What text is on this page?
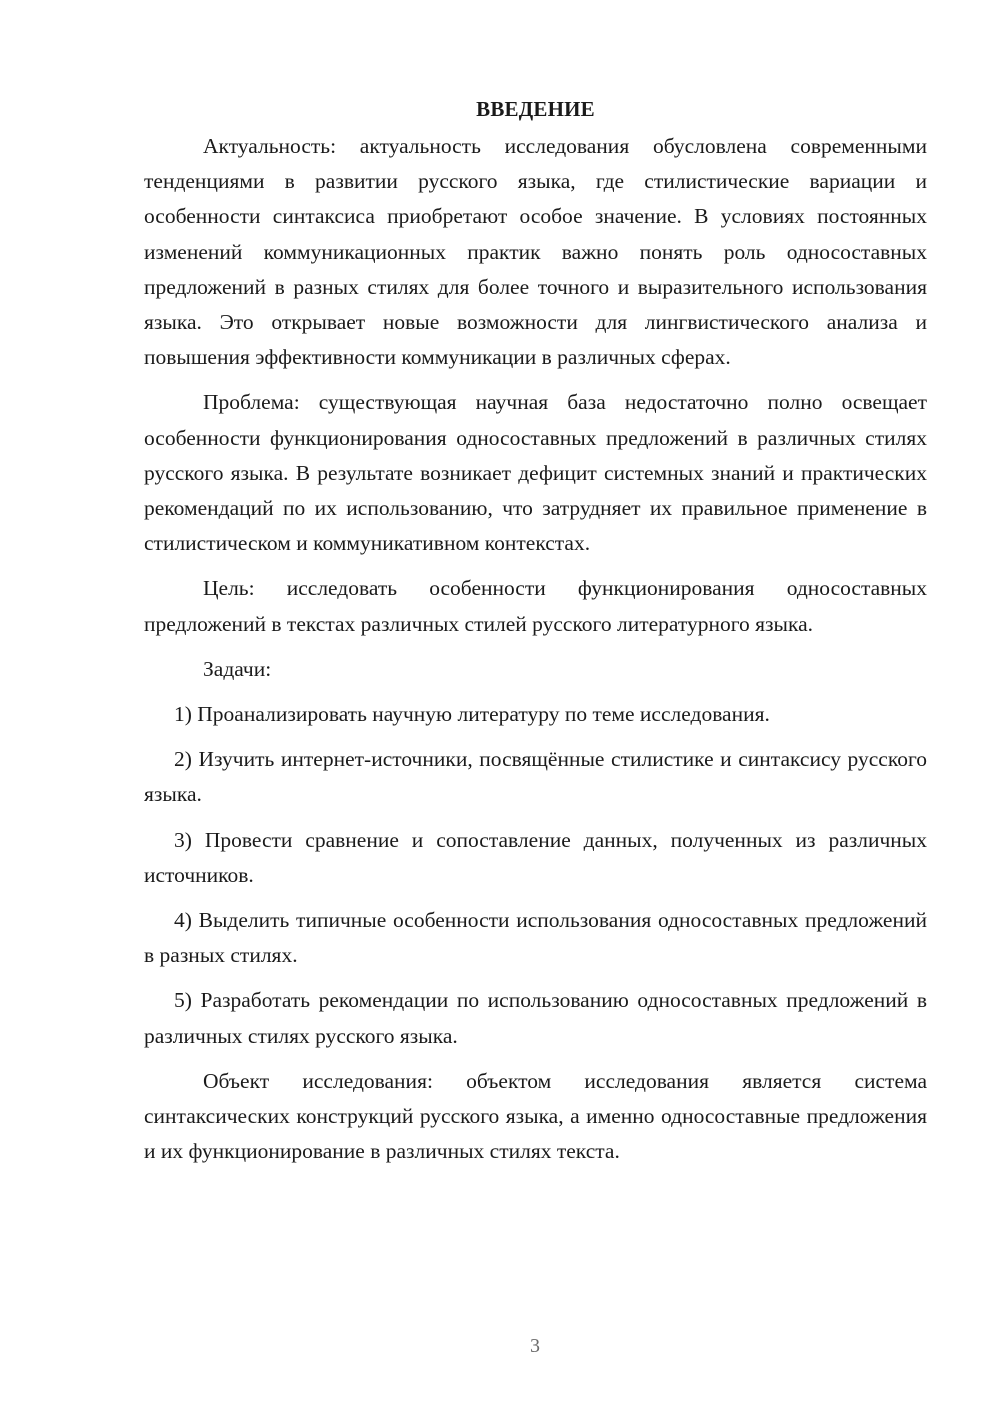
ВВЕДЕНИЕ

Актуальность: актуальность исследования обусловлена современными тенденциями в развитии русского языка, где стилистические вариации и особенности синтаксиса приобретают особое значение. В условиях постоянных изменений коммуникационных практик важно понять роль односоставных предложений в разных стилях для более точного и выразительного использования языка. Это открывает новые возможности для лингвистического анализа и повышения эффективности коммуникации в различных сферах.

Проблема: существующая научная база недостаточно полно освещает особенности функционирования односоставных предложений в различных стилях русского языка. В результате возникает дефицит системных знаний и практических рекомендаций по их использованию, что затрудняет их правильное применение в стилистическом и коммуникативном контекстах.

Цель: исследовать особенности функционирования односоставных предложений в текстах различных стилей русского литературного языка.

Задачи:

1) Проанализировать научную литературу по теме исследования.

2) Изучить интернет-источники, посвящённые стилистике и синтаксису русского языка.

3) Провести сравнение и сопоставление данных, полученных из различных источников.

4) Выделить типичные особенности использования односоставных предложений в разных стилях.

5) Разработать рекомендации по использованию односоставных предложений в различных стилях русского языка.

Объект исследования: объектом исследования является система синтаксических конструкций русского языка, а именно односоставные предложения и их функционирование в различных стилях текста.

3
